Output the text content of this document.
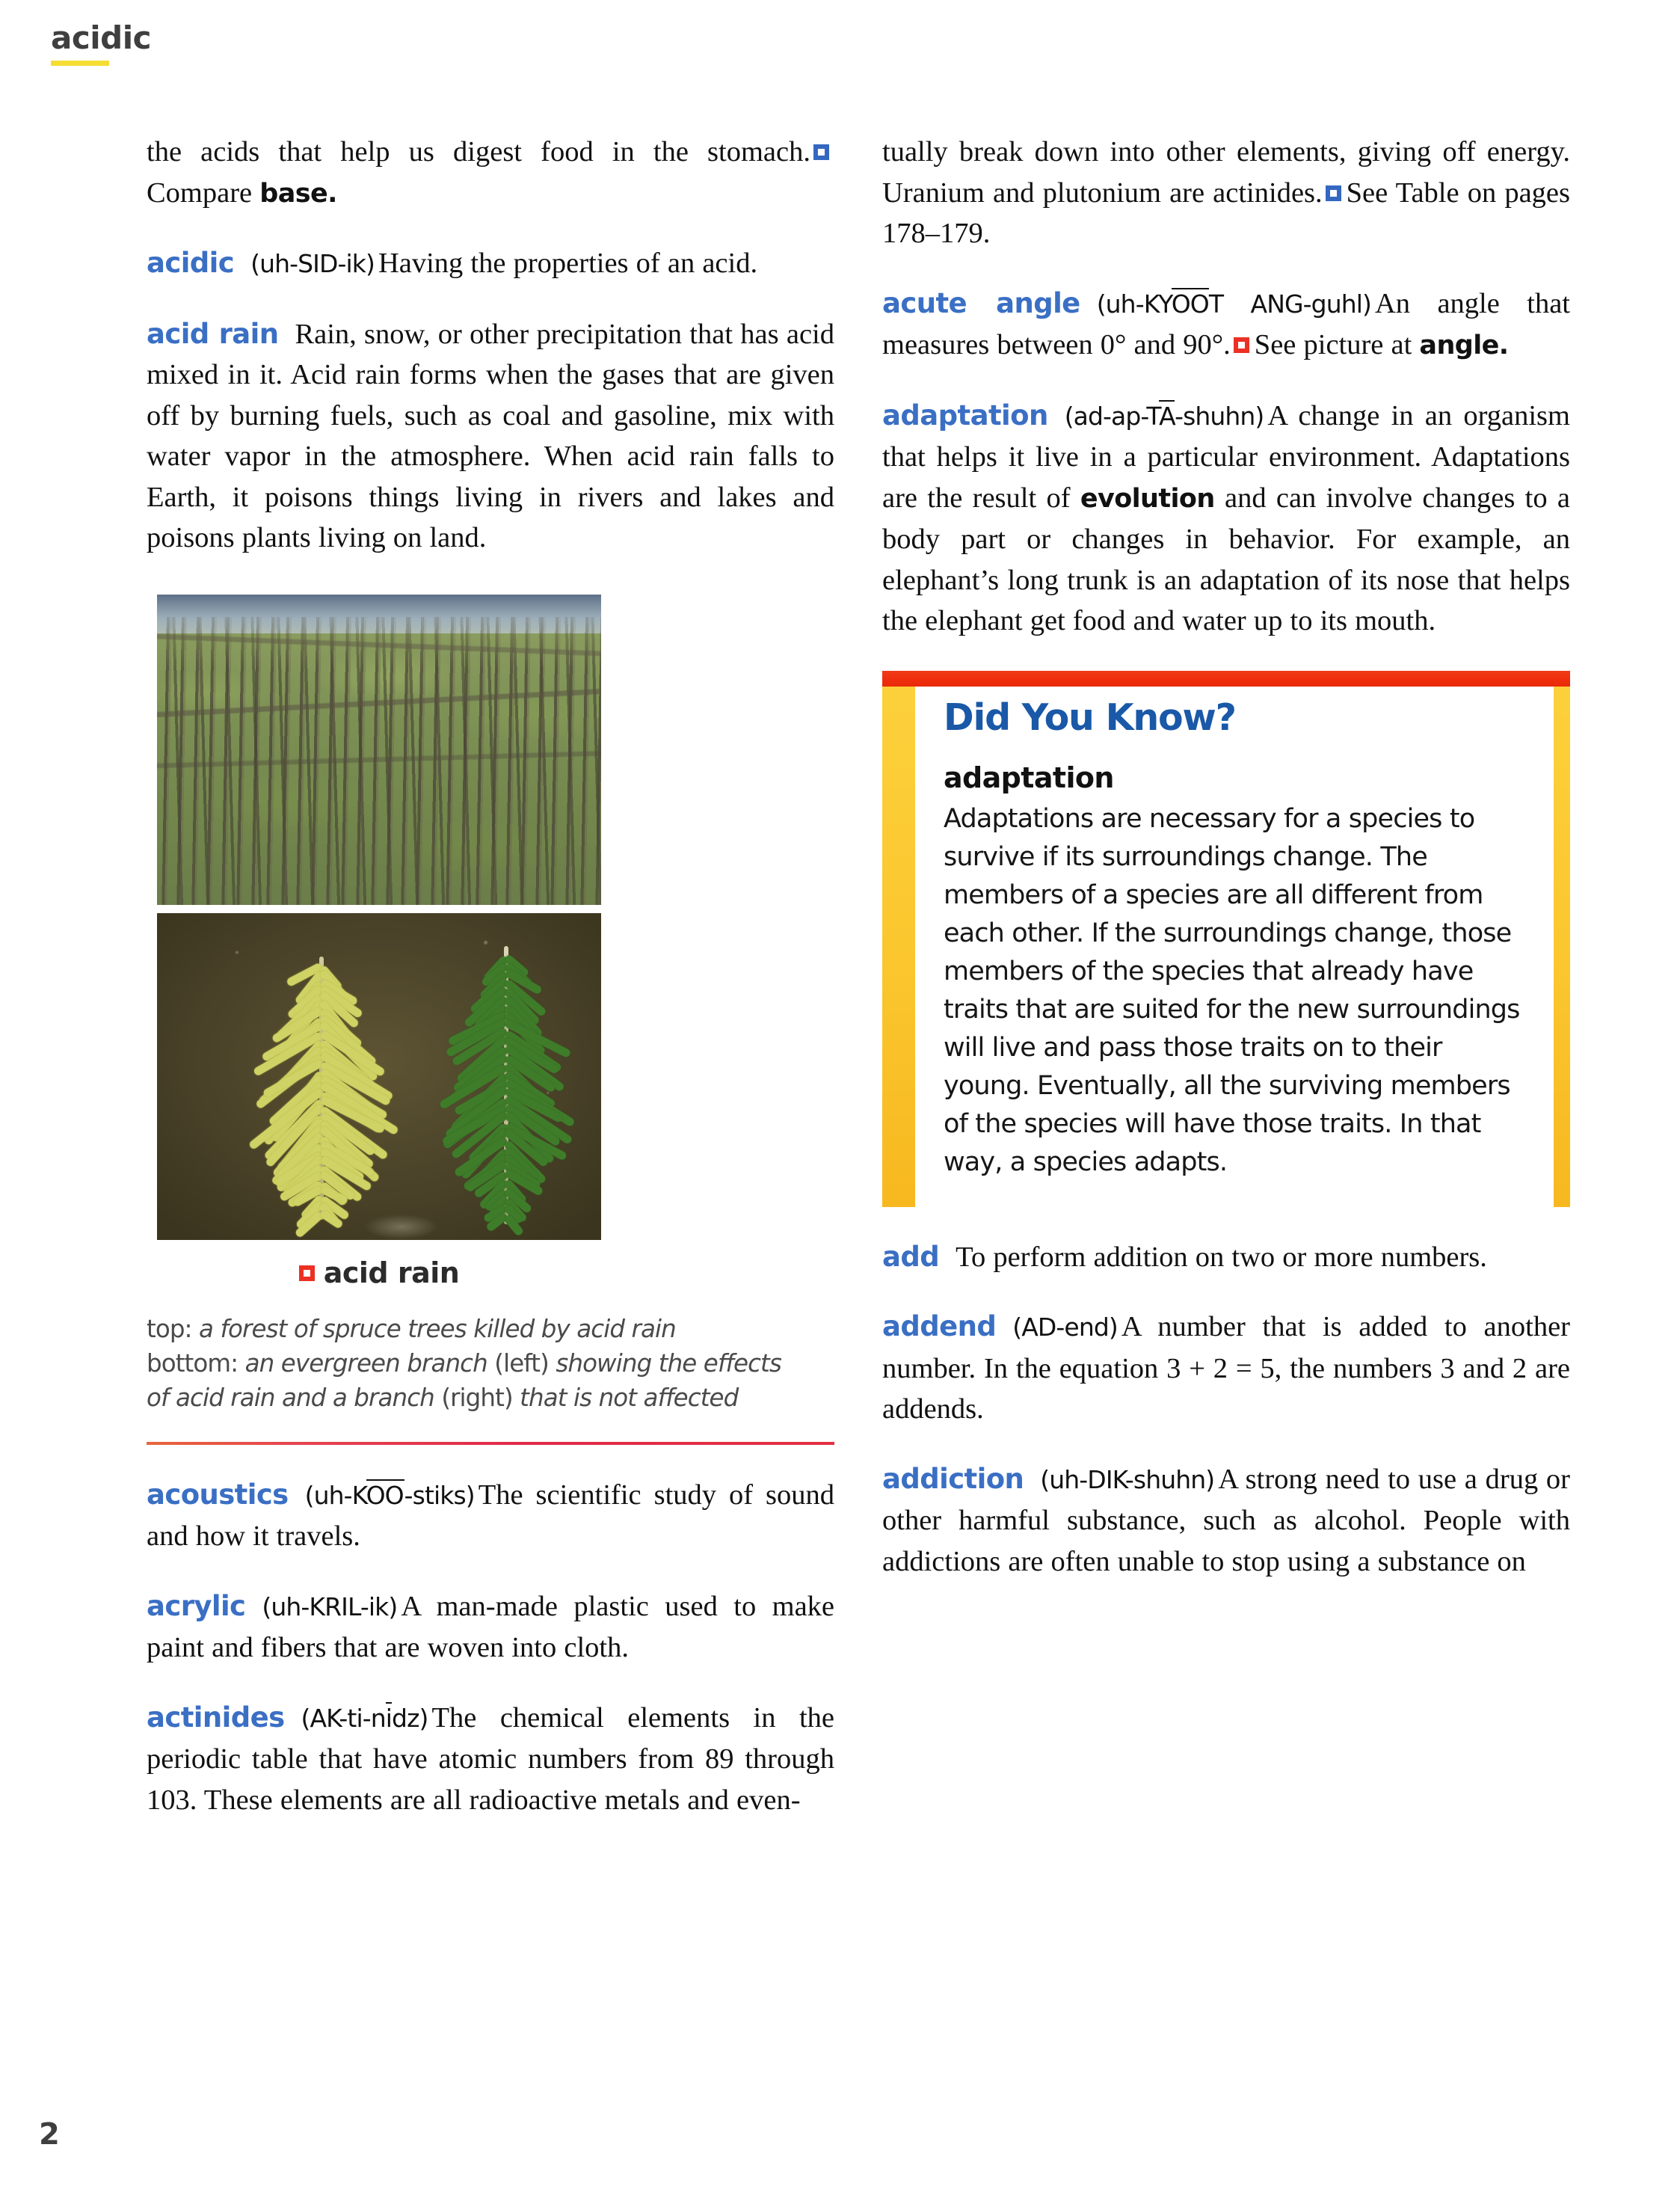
acidic

the acids that help us digest food in the stomach.Compare base.

acidic (uh-SID-ik) Having the properties of an acid.

acid rain Rain, snow, or other precipitation that has acid mixed in it. Acid rain forms when the gases that are given off by burning fuels, such as coal and gasoline, mix with water vapor in the atmosphere. When acid rain falls to Earth, it poisons things living in rivers and lakes and poisons plants living on land.

acid rain
top: a forest of spruce trees killed by acid rain
bottom: an evergreen branch (left) showing the effects of acid rain and a branch (right) that is not affected

acoustics (uh-KOO-stiks) The scientific study of sound and how it travels.

acrylic (uh-KRIL-ik) A man-made plastic used to make paint and fibers that are woven into cloth.

actinides (AK-ti-nidz) The chemical elements in the periodic table that have atomic numbers from 89 through 103. These elements are all radioactive metals and even-

tually break down into other elements, giving off energy. Uranium and plutonium are actinides. See Table on pages 178–179.

acute angle (uh-KYOOT ANG-guhl) An angle that measures between 0° and 90°. See picture at angle.

adaptation (ad-ap-TA-shuhn) A change in an organism that helps it live in a particular environment. Adaptations are the result of evolution and can involve changes to a body part or changes in behavior. For example, an elephant’s long trunk is an adaptation of its nose that helps the elephant get food and water up to its mouth.

Did You Know?
adaptation

Adaptations are necessary for a species to survive if its surroundings change. The members of a species are all different from each other. If the surroundings change, those members of the species that already have traits that are suited for the new surroundings will live and pass those traits on to their young. Eventually, all the surviving members of the species will have those traits. In that way, a species adapts.

add To perform addition on two or more numbers.

addend (AD-end) A number that is added to another number. In the equation 3 + 2 = 5, the numbers 3 and 2 are addends.

addiction (uh-DIK-shuhn) A strong need to use a drug or other harmful substance, such as alcohol. People with addictions are often unable to stop using a substance on

2
